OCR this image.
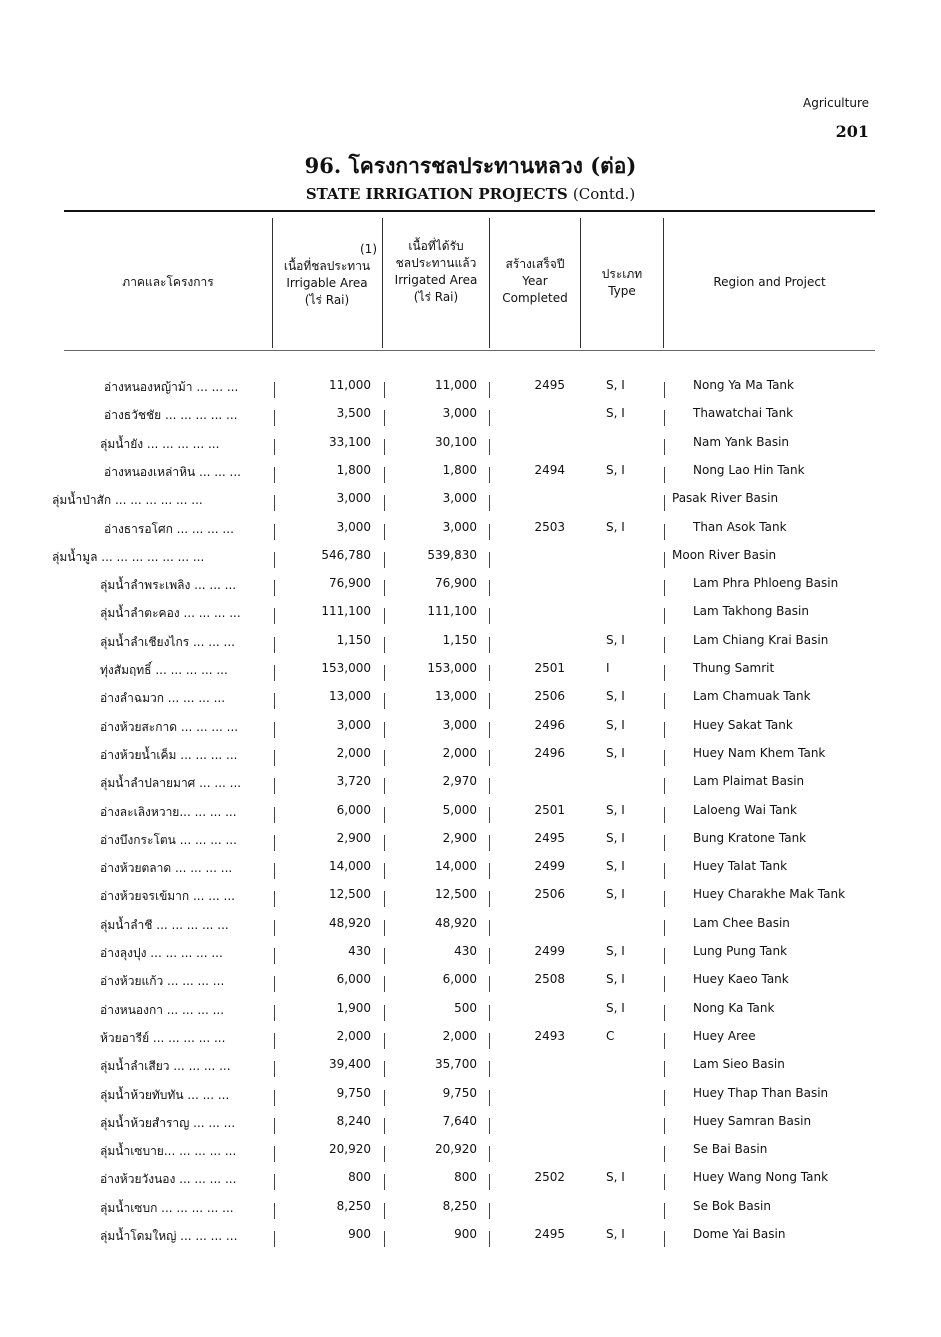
Agriculture
201
96. โครงการชลประทานหลวง (ต่อ)
STATE IRRIGATION PROJECTS (Contd.)
ภาคและโครงการ
(1)
เนื้อที่ชลประทาน
Irrigable Area
(ไร่ Rai)
เนื้อที่ได้รับ
ชลประทานแล้ว
Irrigated Area
(ไร่ Rai)
สร้างเสร็จปี
Year
Completed
ประเภท
Type
Region and Project
อ่างหนองหญ้าม้า ... ... ...	11,000	11,000	2495	S, I	Nong Ya Ma Tank
อ่างธวัชชัย ... ... ... ... ...	3,500	3,000	S, I	Thawatchai Tank
ลุ่มน้ำยัง ... ... ... ... ...	33,100	30,100	Nam Yank Basin
อ่างหนองเหล่าหิน ... ... ...	1,800	1,800	2494	S, I	Nong Lao Hin Tank
ลุ่มน้ำป่าสัก ... ... ... ... ... ...	3,000	3,000	Pasak River Basin
อ่างธารอโศก ... ... ... ...	3,000	3,000	2503	S, I	Than Asok Tank
ลุ่มน้ำมูล ... ... ... ... ... ... ...	546,780	539,830	Moon River Basin
ลุ่มน้ำลำพระเพลิง ... ... ...	76,900	76,900	Lam Phra Phloeng Basin
ลุ่มน้ำลำตะคอง ... ... ... ...	111,100	111,100	Lam Takhong Basin
ลุ่มน้ำลำเชียงไกร ... ... ...	1,150	1,150	S, I	Lam Chiang Krai Basin
ทุ่งสัมฤทธิ์ ... ... ... ... ...	153,000	153,000	2501	I	Thung Samrit
อ่างลำฉมวก ... ... ... ...	13,000	13,000	2506	S, I	Lam Chamuak Tank
อ่างห้วยสะกาด ... ... ... ...	3,000	3,000	2496	S, I	Huey Sakat Tank
อ่างห้วยน้ำเค็ม ... ... ... ...	2,000	2,000	2496	S, I	Huey Nam Khem Tank
ลุ่มน้ำลำปลายมาศ ... ... ...	3,720	2,970	Lam Plaimat Basin
อ่างละเลิงหวาย... ... ... ...	6,000	5,000	2501	S, I	Laloeng Wai Tank
อ่างบึงกระโตน ... ... ... ...	2,900	2,900	2495	S, I	Bung Kratone Tank
อ่างห้วยตลาด ... ... ... ...	14,000	14,000	2499	S, I	Huey Talat Tank
อ่างห้วยจรเข้มาก ... ... ...	12,500	12,500	2506	S, I	Huey Charakhe Mak Tank
ลุ่มน้ำลำชี ... ... ... ... ...	48,920	48,920	Lam Chee Basin
อ่างลุงปุง ... ... ... ... ...	430	430	2499	S, I	Lung Pung Tank
อ่างห้วยแก้ว ... ... ... ...	6,000	6,000	2508	S, I	Huey Kaeo Tank
อ่างหนองกา ... ... ... ...	1,900	500	S, I	Nong Ka Tank
ห้วยอารีย์ ... ... ... ... ...	2,000	2,000	2493	C	Huey Aree
ลุ่มน้ำลำเสียว ... ... ... ...	39,400	35,700	Lam Sieo Basin
ลุ่มน้ำห้วยทับทัน ... ... ...	9,750	9,750	Huey Thap Than Basin
ลุ่มน้ำห้วยสำราญ ... ... ...	8,240	7,640	Huey Samran Basin
ลุ่มน้ำเซบาย... ... ... ... ...	20,920	20,920	Se Bai Basin
อ่างห้วยวังนอง ... ... ... ...	800	800	2502	S, I	Huey Wang Nong Tank
ลุ่มน้ำเซบก ... ... ... ... ...	8,250	8,250	Se Bok Basin
ลุ่มน้ำโดมใหญ่ ... ... ... ...	900	900	2495	S, I	Dome Yai Basin
